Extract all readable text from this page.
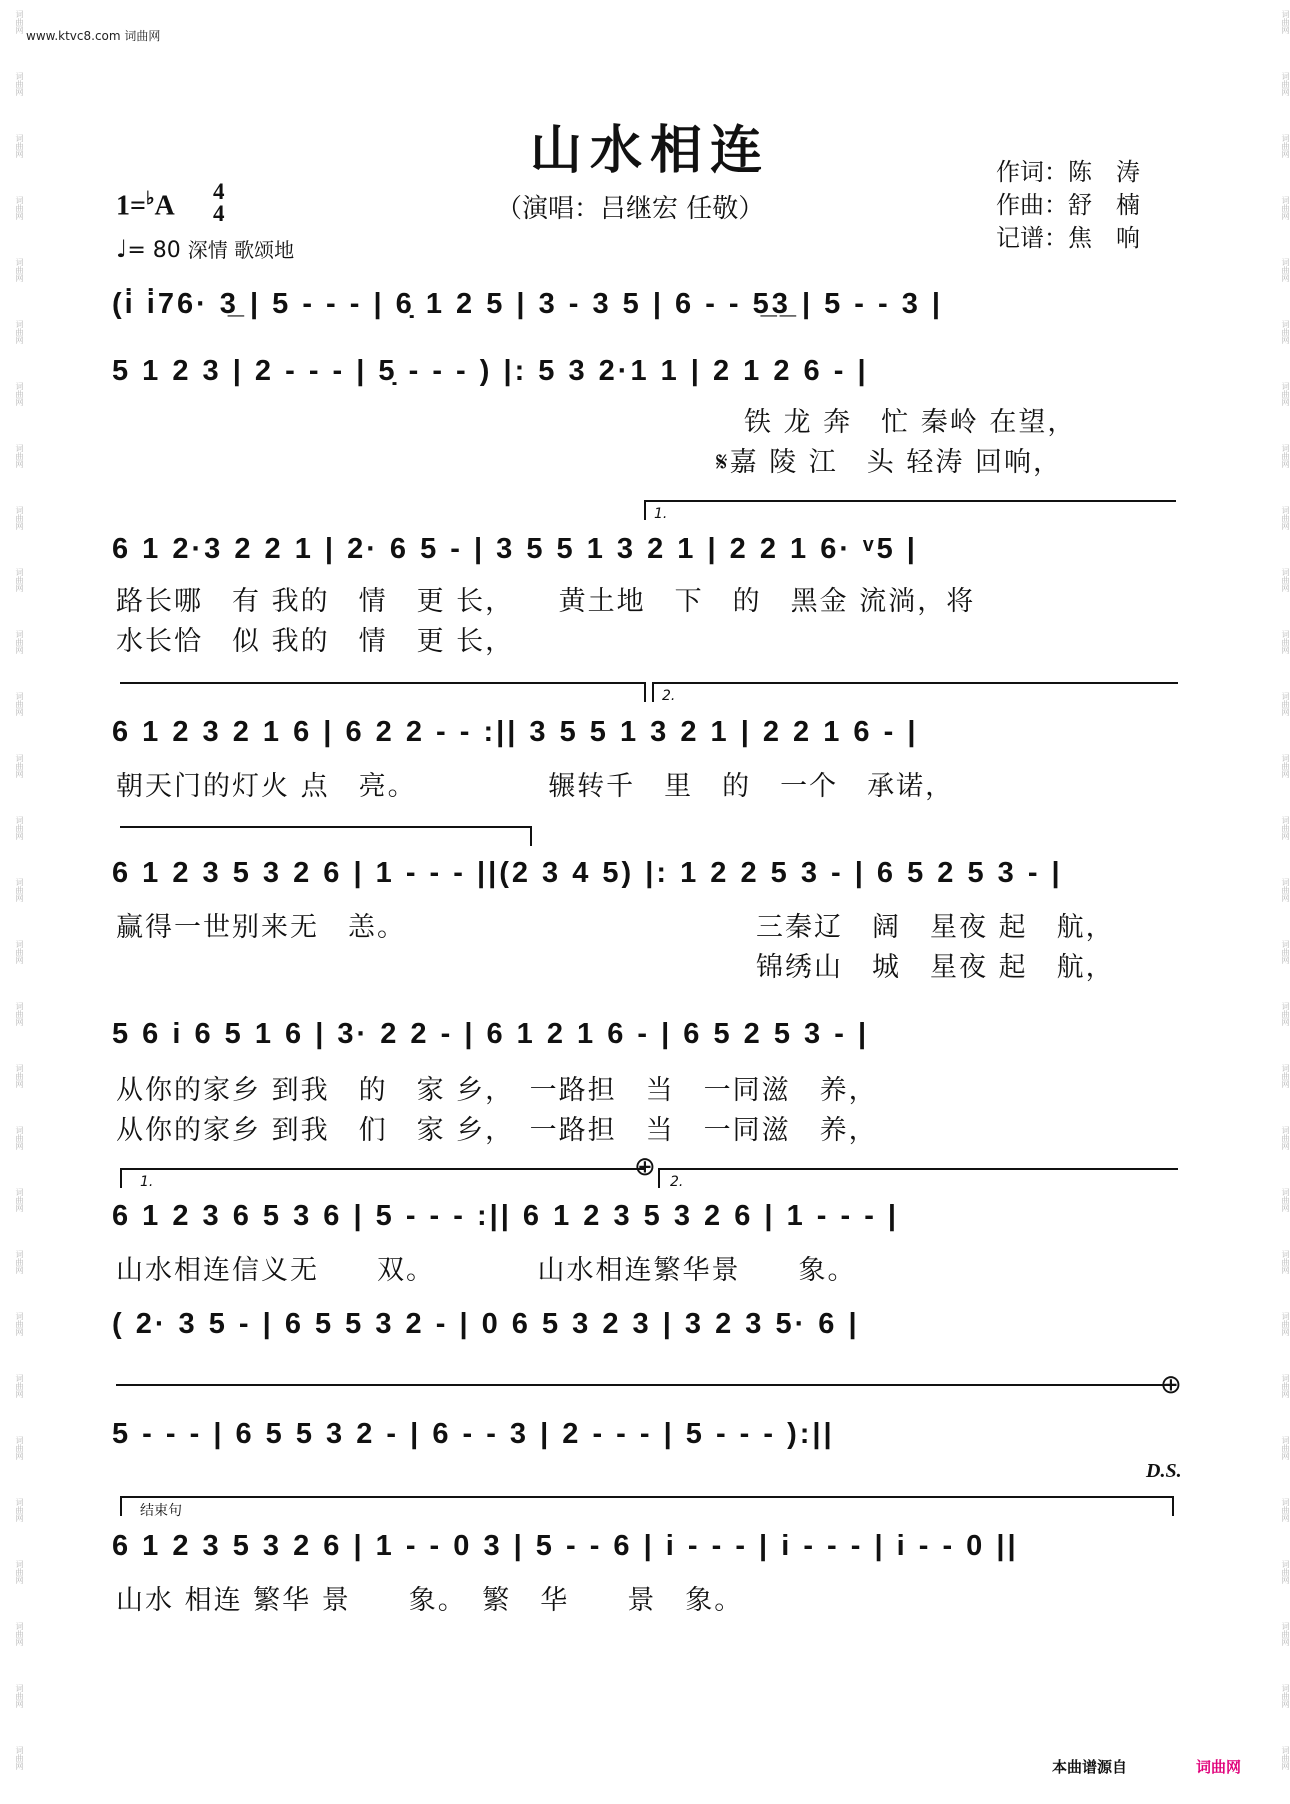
词曲网
词曲网
词曲网
词曲网
词曲网
词曲网
词曲网
词曲网
词曲网
词曲网
词曲网
词曲网
词曲网
词曲网
词曲网
词曲网
词曲网
词曲网
词曲网
词曲网
词曲网
词曲网
词曲网
词曲网
词曲网
词曲网
词曲网
词曲网
词曲网
词曲网
词曲网
词曲网
词曲网
词曲网
词曲网
词曲网
词曲网
词曲网
词曲网
词曲网
词曲网
词曲网
词曲网
词曲网
词曲网
词曲网
词曲网
词曲网
词曲网
词曲网
词曲网
词曲网
词曲网
词曲网
词曲网
词曲网
词曲网
词曲网
www.ktvc8.com 词曲网
山水相连
（演唱：吕继宏 任敬）
作词：陈　涛
作曲：舒　楠
记谱：焦　响
1=♭A 4
4
♩= 80 深情 歌颂地
(i̇ i̇76· 3̲ | 5 - - - | 6̣ 1 2 5 | 3 - 3 5 | 6 - - 5̲3̲ | 5 - - 3 |
5 1 2 3 | 2 - - - | 5̣ - - - ) |: 5 3 2·1 1 | 2 1 2 6 - |
铁 龙 奔　忙 秦岭 在望，
𝄋嘉 陵 江　头 轻涛 回响，
1.
6 1 2·3 2 2 1 | 2· 6 5 - | 3 5 5 1 3 2 1 | 2 2 1 6· ᵛ5 |
路长哪　有 我的　情　更 长，　　黄土地　下　的　黑金 流淌，将
水长恰　似 我的　情　更 长，
2.
6 1 2 3 2 1 6 | 6 2 2 - - :|| 3 5 5 1 3 2 1 | 2 2 1 6 - |
朝天门的灯火 点　亮。　　　　　辗转千　里　的　一个　承诺，
6 1 2 3 5 3 2 6 | 1 - - - ||(2 3 4 5) |: 1 2 2 5 3 - | 6 5 2 5 3 - |
赢得一世别来无　恙。	三秦辽　阔　星夜 起　航，
锦绣山　城　星夜 起　航，
5 6 i 6 5 1 6 | 3· 2 2 - | 6 1 2 1 6 - | 6 5 2 5 3 - |
从你的家乡 到我　的　家 乡，　一路担　当　一同滋　养，
从你的家乡 到我　们　家 乡，　一路担　当　一同滋　养，
1.	2.
⊕
6 1 2 3 6 5 3 6 | 5 - - - :|| 6 1 2 3 5 3 2 6 | 1 - - - |
山水相连信义无　　双。　　　　山水相连繁华景　　象。
( 2· 3 5 - | 6 5 5 3 2 - | 0 6 5 3 2 3 | 3 2 3 5· 6 |
⊕
5 - - - | 6 5 5 3 2 - | 6 - - 3 | 2 - - - | 5 - - - ):||
D.S.
结束句
6 1 2 3 5 3 2 6 | 1 - - 0 3 | 5 - - 6 | i - - - | i - - - | i - - 0 ||
山水 相连 繁华 景　　象。　繁　华　　景　象。
本曲谱源自	词曲网
